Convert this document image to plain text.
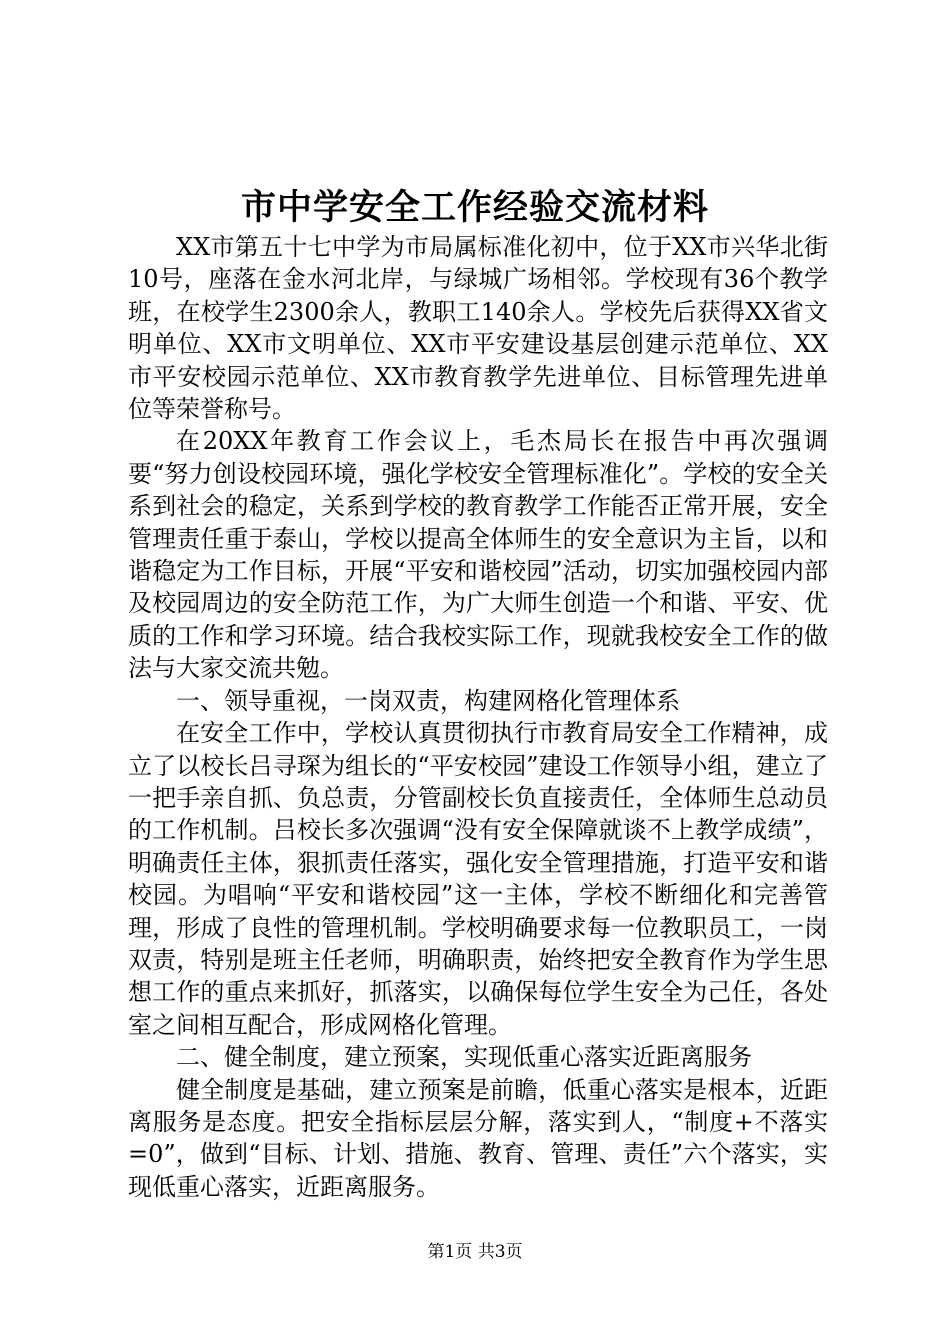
市中学安全工作经验交流材料

XX市第五十七中学为市局属标准化初中，位于XX市兴华北街10号，座落在金水河北岸，与绿城广场相邻。学校现有36个教学班，在校学生2300余人，教职工140余人。学校先后获得XX省文明单位、XX市文明单位、XX市平安建设基层创建示范单位、XX市平安校园示范单位、XX市教育教学先进单位、目标管理先进单位等荣誉称号。

在20XX年教育工作会议上，毛杰局长在报告中再次强调要“努力创设校园环境，强化学校安全管理标准化”。学校的安全关系到社会的稳定，关系到学校的教育教学工作能否正常开展，安全管理责任重于泰山，学校以提高全体师生的安全意识为主旨，以和谐稳定为工作目标，开展“平安和谐校园”活动，切实加强校园内部及校园周边的安全防范工作，为广大师生创造一个和谐、平安、优质的工作和学习环境。结合我校实际工作，现就我校安全工作的做法与大家交流共勉。

一、领导重视，一岗双责，构建网格化管理体系

在安全工作中，学校认真贯彻执行市教育局安全工作精神，成立了以校长吕寻琛为组长的“平安校园”建设工作领导小组，建立了一把手亲自抓、负总责，分管副校长负直接责任，全体师生总动员的工作机制。吕校长多次强调“没有安全保障就谈不上教学成绩”，明确责任主体，狠抓责任落实，强化安全管理措施，打造平安和谐校园。为唱响“平安和谐校园”这一主体，学校不断细化和完善管理，形成了良性的管理机制。学校明确要求每一位教职员工，一岗双责，特别是班主任老师，明确职责，始终把安全教育作为学生思想工作的重点来抓好，抓落实，以确保每位学生安全为己任，各处室之间相互配合，形成网格化管理。

二、健全制度，建立预案，实现低重心落实近距离服务

健全制度是基础，建立预案是前瞻，低重心落实是根本，近距离服务是态度。把安全指标层层分解，落实到人，“制度+不落实=0”，做到“目标、计划、措施、教育、管理、责任”六个落实，实现低重心落实，近距离服务。

第1页 共3页
